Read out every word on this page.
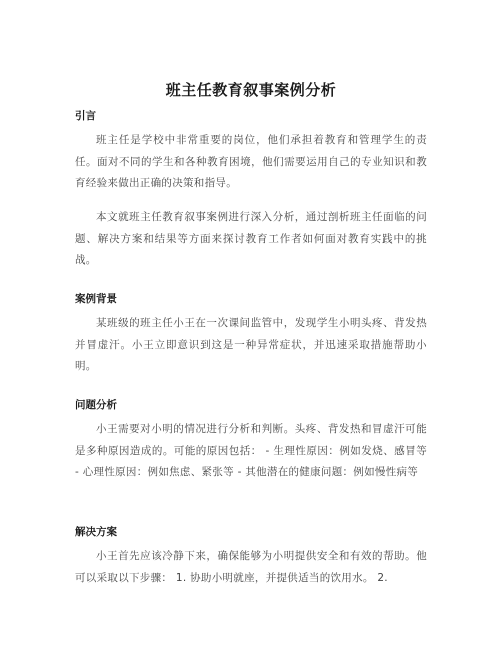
班主任教育叙事案例分析
引言
班主任是学校中非常重要的岗位，他们承担着教育和管理学生的责任。面对不同的学生和各种教育困境，他们需要运用自己的专业知识和教育经验来做出正确的决策和指导。
本文就班主任教育叙事案例进行深入分析，通过剖析班主任面临的问题、解决方案和结果等方面来探讨教育工作者如何面对教育实践中的挑战。
案例背景
某班级的班主任小王在一次课间监管中，发现学生小明头疼、背发热并冒虚汗。小王立即意识到这是一种异常症状，并迅速采取措施帮助小明。
问题分析
小王需要对小明的情况进行分析和判断。头疼、背发热和冒虚汗可能是多种原因造成的。可能的原因包括： - 生理性原因：例如发烧、感冒等 - 心理性原因：例如焦虑、紧张等 - 其他潜在的健康问题：例如慢性病等
解决方案
小王首先应该冷静下来，确保能够为小明提供安全和有效的帮助。他可以采取以下步骤： 1. 协助小明就座，并提供适当的饮用水。 2.
